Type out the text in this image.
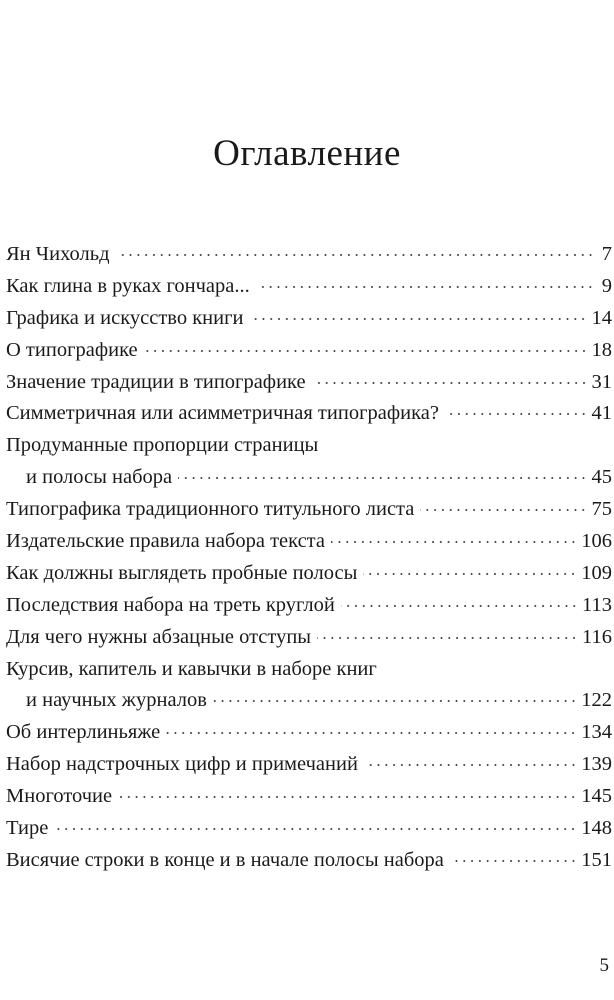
Оглавление
Ян Чихольд	7
Как глина в руках гончара...	9
Графика и искусство книги	14
О типографике	18
Значение традиции в типографике	31
Симметричная или асимметричная типографика?	41
Продуманные пропорции страницы
и полосы набора	45
Типографика традиционного титульного листа	75
Издательские правила набора текста	106
Как должны выглядеть пробные полосы	109
Последствия набора на треть круглой	113
Для чего нужны абзацные отступы	116
Курсив, капитель и кавычки в наборе книг
и научных журналов	122
Об интерлиньяже	134
Набор надстрочных цифр и примечаний	139
Многоточие	145
Тире	148
Висячие строки в конце и в начале полосы набора	151
5
